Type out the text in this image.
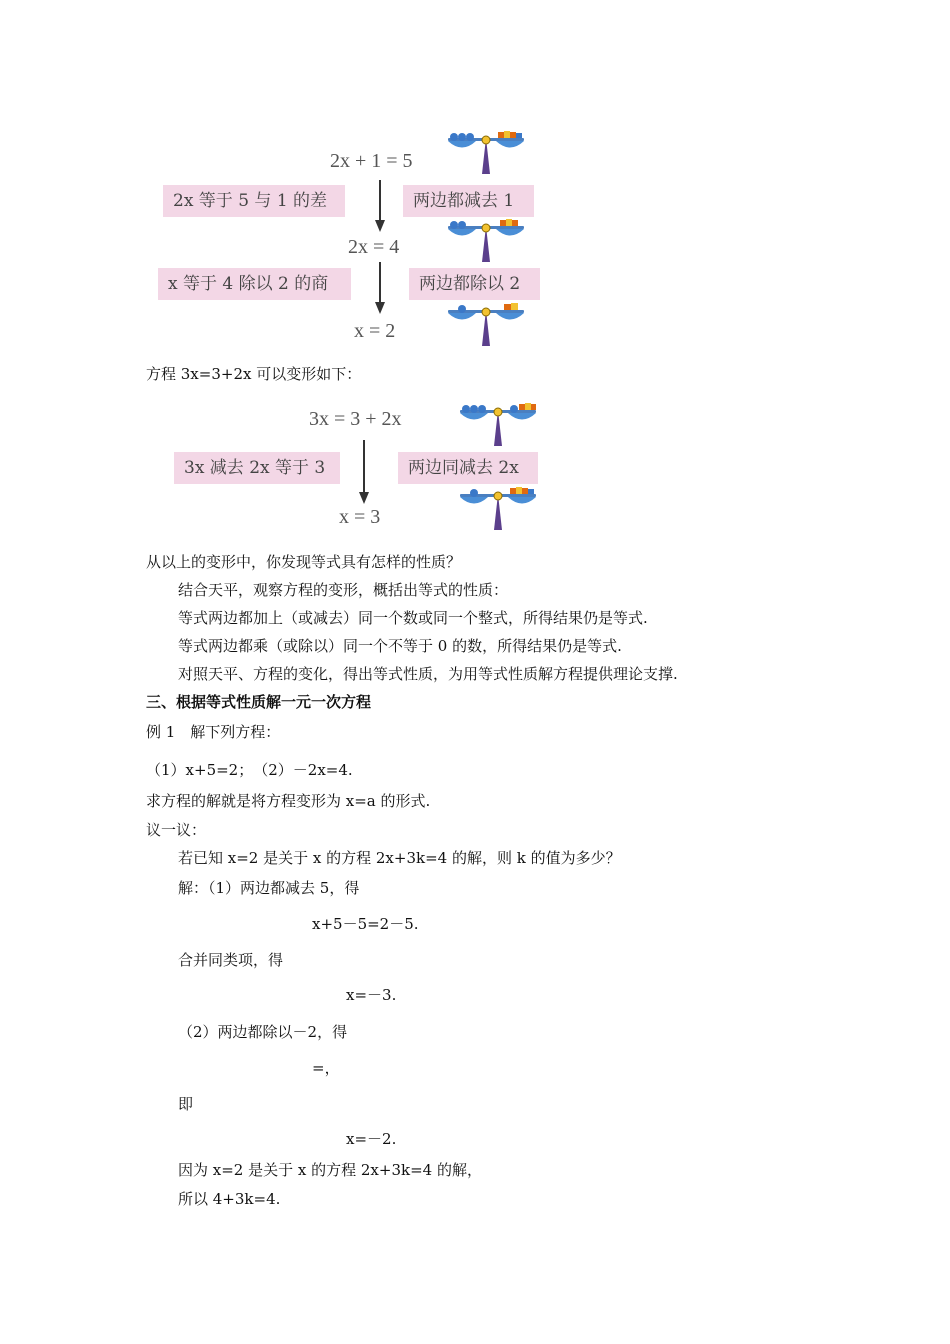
2x + 1 = 5
2x = 4
x = 2
2x 等于 5 与 1 的差	两边都减去 1
x 等于 4 除以 2 的商	两边都除以 2
方程 3x=3+2x 可以变形如下：
3x = 3 + 2x
x = 3
3x 减去 2x 等于 3	两边同减去 2x
从以上的变形中，你发现等式具有怎样的性质？
结合天平，观察方程的变形，概括出等式的性质：
等式两边都加上（或减去）同一个数或同一个整式，所得结果仍是等式.
等式两边都乘（或除以）同一个不等于 0 的数，所得结果仍是等式.
对照天平、方程的变化，得出等式性质，为用等式性质解方程提供理论支撑.
三、根据等式性质解一元一次方程
例 1　解下列方程：
（1）x+5=2；　（2）－2x=4.
求方程的解就是将方程变形为 x=a 的形式.
议一议：
若已知 x=2 是关于 x 的方程 2x+3k=4 的解，则 k 的值为多少？
解：（1）两边都减去 5，得
x+5－5=2－5.
合并同类项，得
x=－3.
（2）两边都除以－2，得
=，
即
x=－2.
因为 x=2 是关于 x 的方程 2x+3k=4 的解，
所以 4+3k=4.
